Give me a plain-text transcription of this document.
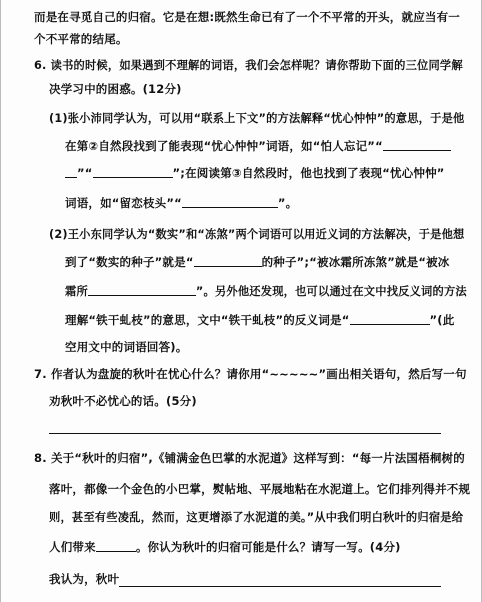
而是在寻觅自己的归宿。它是在想:既然生命已有了一个不平常的开头，就应当有一
个不平常的结尾。
6. 读书的时候，如果遇到不理解的词语，我们会怎样呢？请你帮助下面的三位同学解
决学习中的困惑。(12分)
(1)张小沛同学认为，可以用“联系上下文”的方法解释“忧心忡忡”的意思，于是他
在第②自然段找到了能表现“忧心忡忡”词语，如“怕人忘记”“
”“	”;在阅读第③自然段时，他也找到了表现“忧心忡忡”
词语，如“留恋枝头”“	”。
(2)王小东同学认为“数实”和“冻煞”两个词语可以用近义词的方法解决，于是他想
到了“数实的种子”就是“	的种子”;“被冰霜所冻煞”就是“被冰
霜所	”。另外他还发现，也可以通过在文中找反义词的方法
理解“铁干虬枝”的意思，文中“铁干虬枝”的反义词是“	”(此
空用文中的词语回答)。
7. 作者认为盘旋的秋叶在忧心什么？请你用“~~~~~”画出相关语句，然后写一句
劝秋叶不必忧心的话。(5分)
8. 关于“秋叶的归宿”,《铺满金色巴掌的水泥道》这样写到：“每一片法国梧桐树的
落叶，都像一个金色的小巴掌，熨帖地、平展地粘在水泥道上。它们排列得并不规
则，甚至有些凌乱，然而，这更增添了水泥道的美。”从中我们明白秋叶的归宿是给
人们带来	。你认为秋叶的归宿可能是什么？请写一写。(4分)
我认为，秋叶
